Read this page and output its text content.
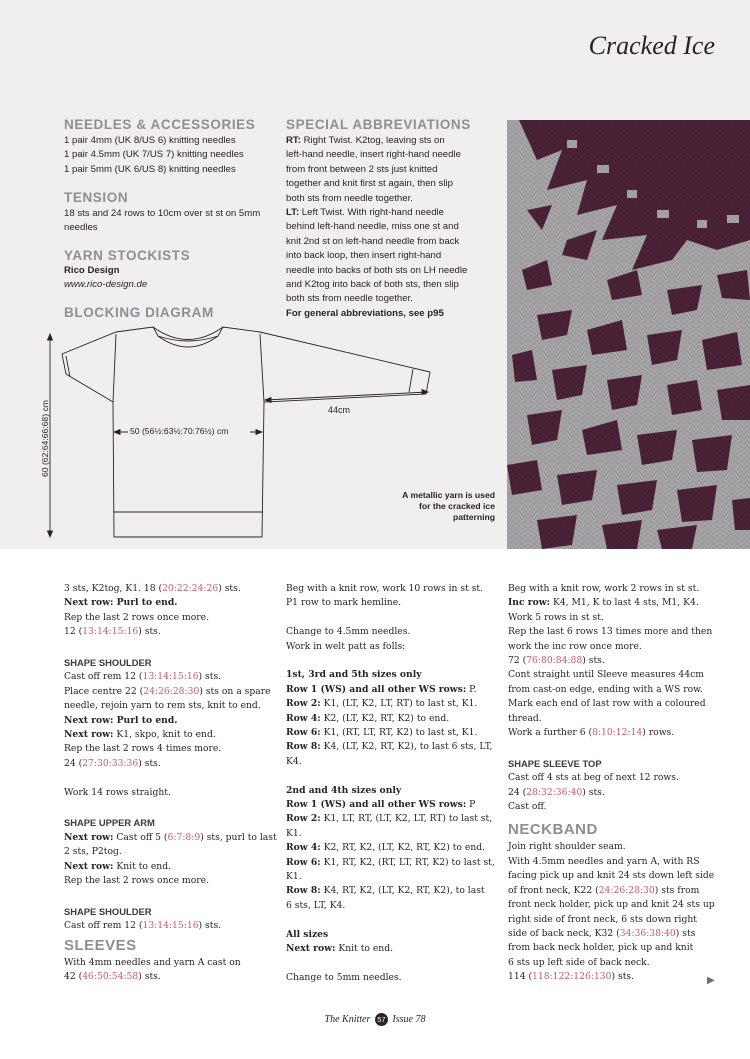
Cracked Ice
NEEDLES & ACCESSORIES
1 pair 4mm (UK 8/US 6) knitting needles
1 pair 4.5mm (UK 7/US 7) knitting needles
1 pair 5mm (UK 6/US 8) knitting needles
TENSION
18 sts and 24 rows to 10cm over st st on 5mm
needles
YARN STOCKISTS
Rico Design
www.rico-design.de
BLOCKING DIAGRAM
SPECIAL ABBREVIATIONS
RT: Right Twist. K2tog, leaving sts on
left-hand needle, insert right-hand needle
from front between 2 sts just knitted
together and knit first st again, then slip
both sts from needle together.
LT: Left Twist. With right-hand needle
behind left-hand needle, miss one st and
knit 2nd st on left-hand needle from back
into back loop, then insert right-hand
needle into backs of both sts on LH needle
and K2tog into back of both sts, then slip
both sts from needle together.
For general abbreviations, see p95
A metallic yarn is used for the cracked ice patterning
44cm
50 (56½:63½:70:76½) cm
60 (62:64:66:68) cm
3 sts, K2tog, K1. 18 (20:22:24:26) sts.
Next row: Purl to end.
Rep the last 2 rows once more.
12 (13:14:15:16) sts.
SHAPE SHOULDER
Cast off rem 12 (13:14:15:16) sts.
Place centre 22 (24:26:28:30) sts on a spare
needle, rejoin yarn to rem sts, knit to end.
Next row: Purl to end.
Next row: K1, skpo, knit to end.
Rep the last 2 rows 4 times more.
24 (27:30:33:36) sts.
Work 14 rows straight.
SHAPE UPPER ARM
Next row: Cast off 5 (6:7:8:9) sts, purl to last
2 sts, P2tog.
Next row: Knit to end.
Rep the last 2 rows once more.
SHAPE SHOULDER
Cast off rem 12 (13:14:15:16) sts.
SLEEVES
With 4mm needles and yarn A cast on
42 (46:50:54:58) sts.
Beg with a knit row, work 10 rows in st st.
P1 row to mark hemline.
Change to 4.5mm needles.
Work in welt patt as folls:
1st, 3rd and 5th sizes only
Row 1 (WS) and all other WS rows: P.
Row 2: K1, (LT, K2, LT, RT) to last st, K1.
Row 4: K2, (LT, K2, RT, K2) to end.
Row 6: K1, (RT, LT, RT, K2) to last st, K1.
Row 8: K4, (LT, K2, RT, K2), to last 6 sts, LT,
K4.
2nd and 4th sizes only
Row 1 (WS) and all other WS rows: P
Row 2: K1, LT, RT, (LT, K2, LT, RT) to last st,
K1.
Row 4: K2, RT, K2, (LT, K2, RT, K2) to end.
Row 6: K1, RT, K2, (RT, LT, RT, K2) to last st,
K1.
Row 8: K4, RT, K2, (LT, K2, RT, K2), to last
6 sts, LT, K4.
All sizes
Next row: Knit to end.
Change to 5mm needles.
Beg with a knit row, work 2 rows in st st.
Inc row: K4, M1, K to last 4 sts, M1, K4.
Work 5 rows in st st.
Rep the last 6 rows 13 times more and then
work the inc row once more.
72 (76:80:84:88) sts.
Cont straight until Sleeve measures 44cm
from cast-on edge, ending with a WS row.
Mark each end of last row with a coloured
thread.
Work a further 6 (8:10:12:14) rows.
SHAPE SLEEVE TOP
Cast off 4 sts at beg of next 12 rows.
24 (28:32:36:40) sts.
Cast off.
NECKBAND
Join right shoulder seam.
With 4.5mm needles and yarn A, with RS
facing pick up and knit 24 sts down left side
of front neck, K22 (24:26:28:30) sts from
front neck holder, pick up and knit 24 sts up
right side of front neck, 6 sts down right
side of back neck, K32 (34:36:38:40) sts
from back neck holder, pick up and knit
6 sts up left side of back neck.
114 (118:122:126:130) sts.	▶
The Knitter 57 Issue 78
